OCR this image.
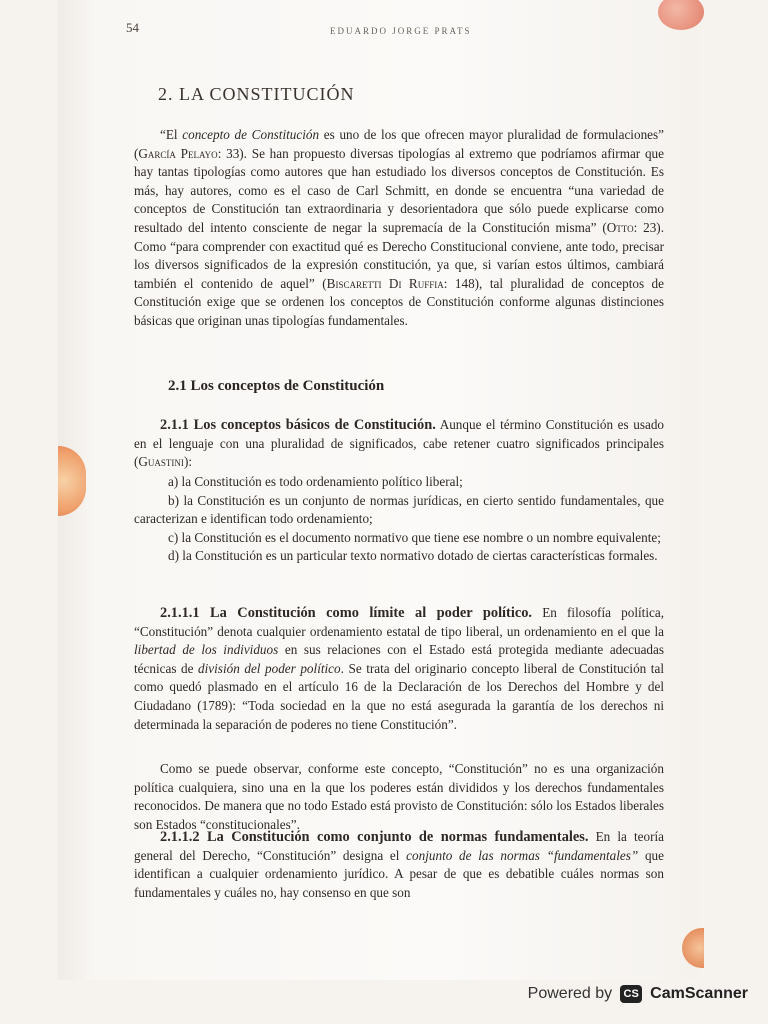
54	EDUARDO JORGE PRATS
2. LA CONSTITUCIÓN
“El concepto de Constitución es uno de los que ofrecen mayor pluralidad de formulaciones” (García Pelayo: 33). Se han propuesto diversas tipologías al extremo que podríamos afirmar que hay tantas tipologías como autores que han estudiado los diversos conceptos de Constitución. Es más, hay autores, como es el caso de Carl Schmitt, en donde se encuentra “una variedad de conceptos de Constitución tan extraordinaria y desorientadora que sólo puede explicarse como resultado del intento consciente de negar la supremacía de la Constitución misma” (Otto: 23). Como “para comprender con exactitud qué es Derecho Constitucional conviene, ante todo, precisar los diversos significados de la expresión constitución, ya que, si varían estos últimos, cambiará también el contenido de aquel” (Biscaretti Di Ruffia: 148), tal pluralidad de conceptos de Constitución exige que se ordenen los conceptos de Constitución conforme algunas distinciones básicas que originan unas tipologías fundamentales.
2.1 Los conceptos de Constitución
2.1.1 Los conceptos básicos de Constitución. Aunque el término Constitución es usado en el lenguaje con una pluralidad de significados, cabe retener cuatro significados principales (Guastini):

a) la Constitución es todo ordenamiento político liberal;

b) la Constitución es un conjunto de normas jurídicas, en cierto sentido fundamentales, que caracterizan e identifican todo ordenamiento;

c) la Constitución es el documento normativo que tiene ese nombre o un nombre equivalente;

d) la Constitución es un particular texto normativo dotado de ciertas características formales.

2.1.1.1 La Constitución como límite al poder político. En filosofía política, “Constitución” denota cualquier ordenamiento estatal de tipo liberal, un ordenamiento en el que la libertad de los individuos en sus relaciones con el Estado está protegida mediante adecuadas técnicas de división del poder político. Se trata del originario concepto liberal de Constitución tal como quedó plasmado en el artículo 16 de la Declaración de los Derechos del Hombre y del Ciudadano (1789): “Toda sociedad en la que no está asegurada la garantía de los derechos ni determinada la separación de poderes no tiene Constitución”.
Como se puede observar, conforme este concepto, “Constitución” no es una organización política cualquiera, sino una en la que los poderes están divididos y los derechos fundamentales reconocidos. De manera que no todo Estado está provisto de Constitución: sólo los Estados liberales son Estados “constitucionales”.
2.1.1.2 La Constitución como conjunto de normas fundamentales. En la teoría general del Derecho, “Constitución” designa el conjunto de las normas “fundamentales” que identifican a cualquier ordenamiento jurídico. A pesar de que es debatible cuáles normas son fundamentales y cuáles no, hay consenso en que son
Powered by	CS CamScanner
